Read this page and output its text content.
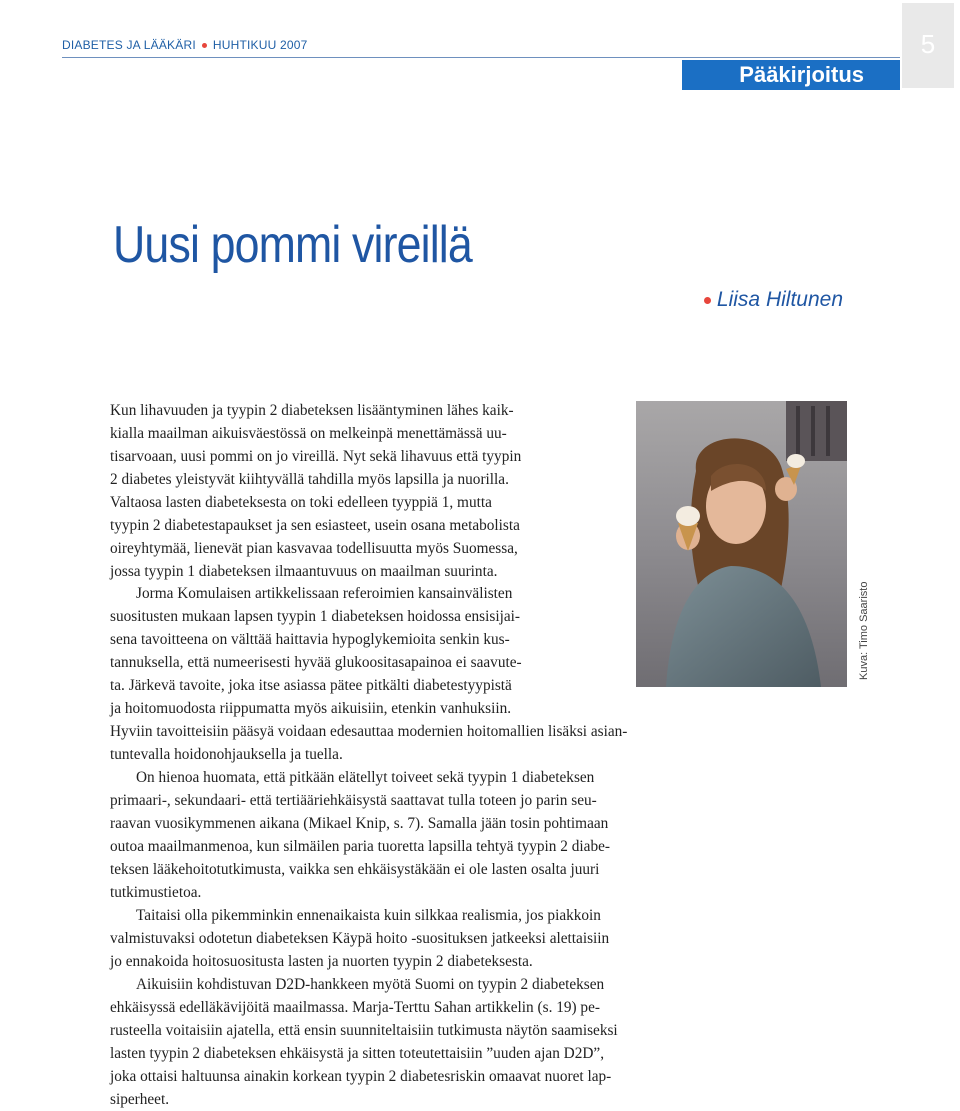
DIABETES JA LÄÄKÄRI HUHTIKUU 2007	5
Pääkirjoitus
Uusi pommi vireillä
Liisa Hiltunen
Kuva: Timo Saaristo
Kun lihavuuden ja tyypin 2 diabeteksen lisääntyminen lähes kaik-
kialla maailman aikuisväestössä on melkeinpä menettämässä uu-
tisarvoaan, uusi pommi on jo vireillä. Nyt sekä lihavuus että tyypin
2 diabetes yleistyvät kiihtyvällä tahdilla myös lapsilla ja nuorilla.
Valtaosa lasten diabeteksesta on toki edelleen tyyppiä 1, mutta
tyypin 2 diabetestapaukset ja sen esiasteet, usein osana metabolista
oireyhtymää, lienevät pian kasvavaa todellisuutta myös Suomessa,
jossa tyypin 1 diabeteksen ilmaantuvuus on maailman suurinta.
Jorma Komulaisen artikkelissaan referoimien kansainvälisten
suositusten mukaan lapsen tyypin 1 diabeteksen hoidossa ensisijai-
sena tavoitteena on välttää haittavia hypoglykemioita senkin kus-
tannuksella, että numeerisesti hyvää glukoositasapainoa ei saavute-
ta. Järkevä tavoite, joka itse asiassa pätee pitkälti diabetestyypistä
ja hoitomuodosta riippumatta myös aikuisiin, etenkin vanhuksiin.
Hyviin tavoitteisiin pääsyä voidaan edesauttaa modernien hoitomallien lisäksi asian-
tuntevalla hoidonohjauksella ja tuella.
On hienoa huomata, että pitkään elätellyt toiveet sekä tyypin 1 diabeteksen
primaari-, sekundaari- että tertiääriehkäisystä saattavat tulla toteen jo parin seu-
raavan vuosikymmenen aikana (Mikael Knip, s. 7). Samalla jään tosin pohtimaan
outoa maailmanmenoa, kun silmäilen paria tuoretta lapsilla tehtyä tyypin 2 diabe-
teksen lääkehoitotutkimusta, vaikka sen ehkäisystäkään ei ole lasten osalta juuri
tutkimustietoa.
Taitaisi olla pikemminkin ennenaikaista kuin silkkaa realismia, jos piakkoin
valmistuvaksi odotetun diabeteksen Käypä hoito -suosituksen jatkeeksi alettaisiin
jo ennakoida hoitosuositusta lasten ja nuorten tyypin 2 diabeteksesta.
Aikuisiin kohdistuvan D2D-hankkeen myötä Suomi on tyypin 2 diabeteksen
ehkäisyssä edelläkävijöitä maailmassa. Marja-Terttu Sahan artikkelin (s. 19) pe-
rusteella voitaisiin ajatella, että ensin suunniteltaisiin tutkimusta näytön saamiseksi
lasten tyypin 2 diabeteksen ehkäisystä ja sitten toteutettaisiin ”uuden ajan D2D”,
joka ottaisi haltuunsa ainakin korkean tyypin 2 diabetesriskin omaavat nuoret lap-
siperheet.
